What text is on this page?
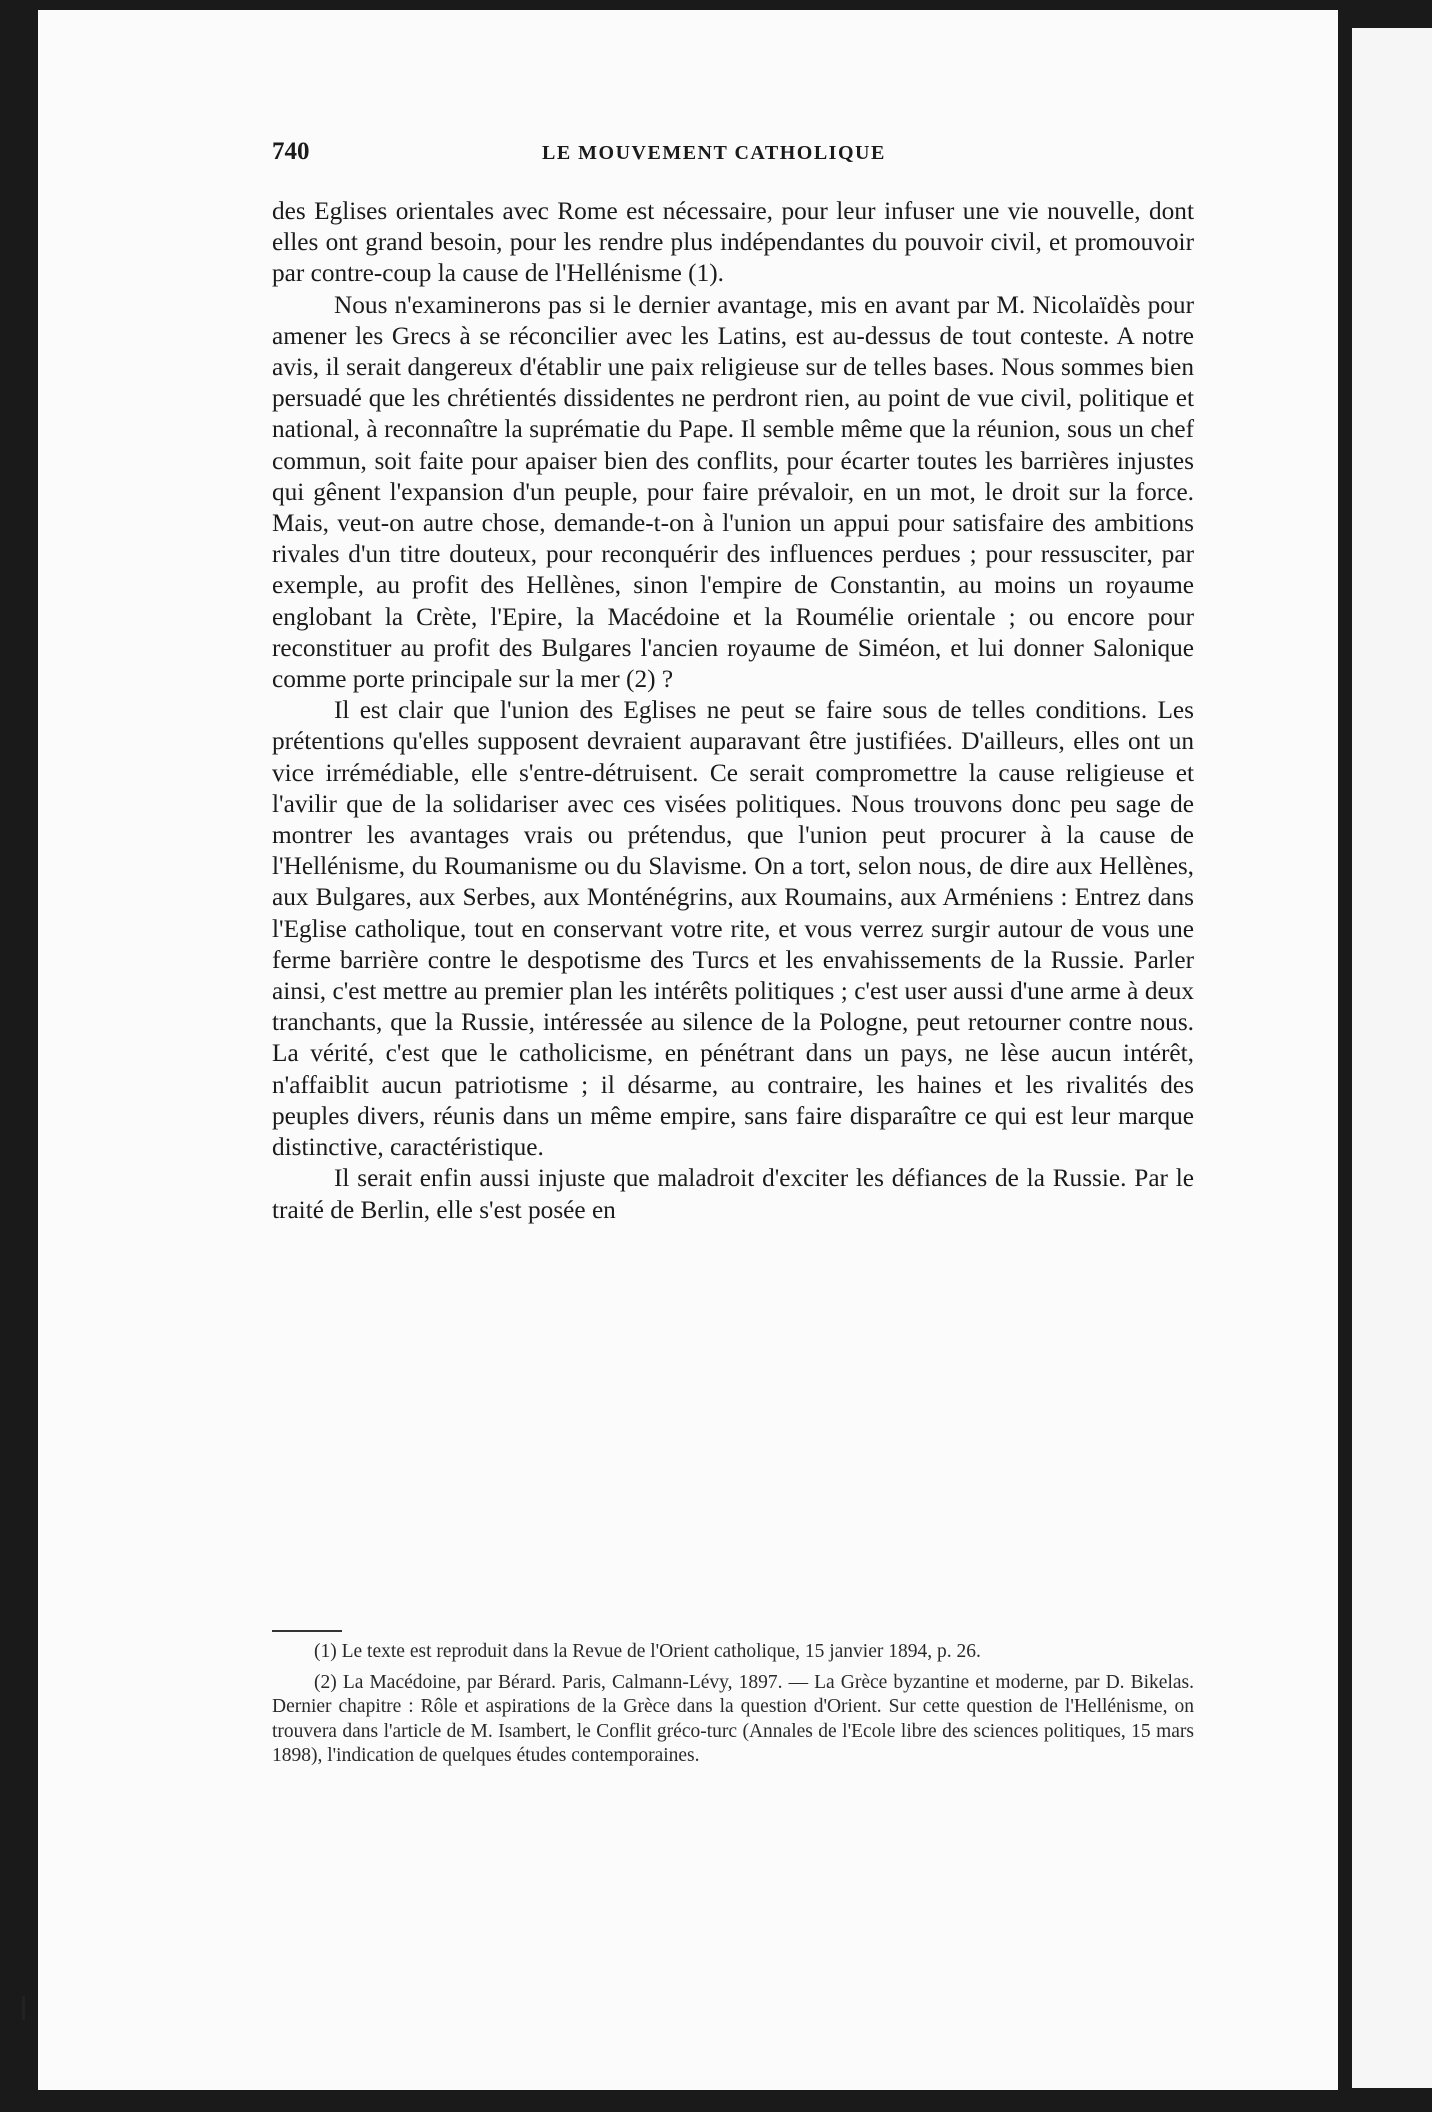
740	LE MOUVEMENT CATHOLIQUE

des Eglises orientales avec Rome est nécessaire, pour leur infuser une vie nouvelle, dont elles ont grand besoin, pour les rendre plus indépendantes du pouvoir civil, et promouvoir par contre-coup la cause de l'Hellénisme (1).

Nous n'examinerons pas si le dernier avantage, mis en avant par M. Nicolaïdès pour amener les Grecs à se réconcilier avec les Latins, est au-dessus de tout conteste. A notre avis, il serait dangereux d'établir une paix religieuse sur de telles bases. Nous sommes bien persuadé que les chrétientés dissidentes ne perdront rien, au point de vue civil, politique et national, à reconnaître la suprématie du Pape. Il semble même que la réunion, sous un chef commun, soit faite pour apaiser bien des conflits, pour écarter toutes les barrières injustes qui gênent l'expansion d'un peuple, pour faire prévaloir, en un mot, le droit sur la force. Mais, veut-on autre chose, demande-t-on à l'union un appui pour satisfaire des ambitions rivales d'un titre douteux, pour reconquérir des influences perdues ; pour ressusciter, par exemple, au profit des Hellènes, sinon l'empire de Constantin, au moins un royaume englobant la Crète, l'Epire, la Macédoine et la Roumélie orientale ; ou encore pour reconstituer au profit des Bulgares l'ancien royaume de Siméon, et lui donner Salonique comme porte principale sur la mer (2) ?

Il est clair que l'union des Eglises ne peut se faire sous de telles conditions. Les prétentions qu'elles supposent devraient auparavant être justifiées. D'ailleurs, elles ont un vice irrémédiable, elle s'entre-détruisent. Ce serait compromettre la cause religieuse et l'avilir que de la solidariser avec ces visées politiques. Nous trouvons donc peu sage de montrer les avantages vrais ou prétendus, que l'union peut procurer à la cause de l'Hellénisme, du Roumanisme ou du Slavisme. On a tort, selon nous, de dire aux Hellènes, aux Bulgares, aux Serbes, aux Monténégrins, aux Roumains, aux Arméniens : Entrez dans l'Eglise catholique, tout en conservant votre rite, et vous verrez surgir autour de vous une ferme barrière contre le despotisme des Turcs et les envahissements de la Russie. Parler ainsi, c'est mettre au premier plan les intérêts politiques ; c'est user aussi d'une arme à deux tranchants, que la Russie, intéressée au silence de la Pologne, peut retourner contre nous. La vérité, c'est que le catholicisme, en pénétrant dans un pays, ne lèse aucun intérêt, n'affaiblit aucun patriotisme ; il désarme, au contraire, les haines et les rivalités des peuples divers, réunis dans un même empire, sans faire disparaître ce qui est leur marque distinctive, caractéristique.

Il serait enfin aussi injuste que maladroit d'exciter les défiances de la Russie. Par le traité de Berlin, elle s'est posée en

(1) Le texte est reproduit dans la Revue de l'Orient catholique, 15 janvier 1894, p. 26.

(2) La Macédoine, par Bérard. Paris, Calmann-Lévy, 1897. — La Grèce byzantine et moderne, par D. Bikelas. Dernier chapitre : Rôle et aspirations de la Grèce dans la question d'Orient. Sur cette question de l'Hellénisme, on trouvera dans l'article de M. Isambert, le Conflit gréco-turc (Annales de l'Ecole libre des sciences politiques, 15 mars 1898), l'indication de quelques études contemporaines.
